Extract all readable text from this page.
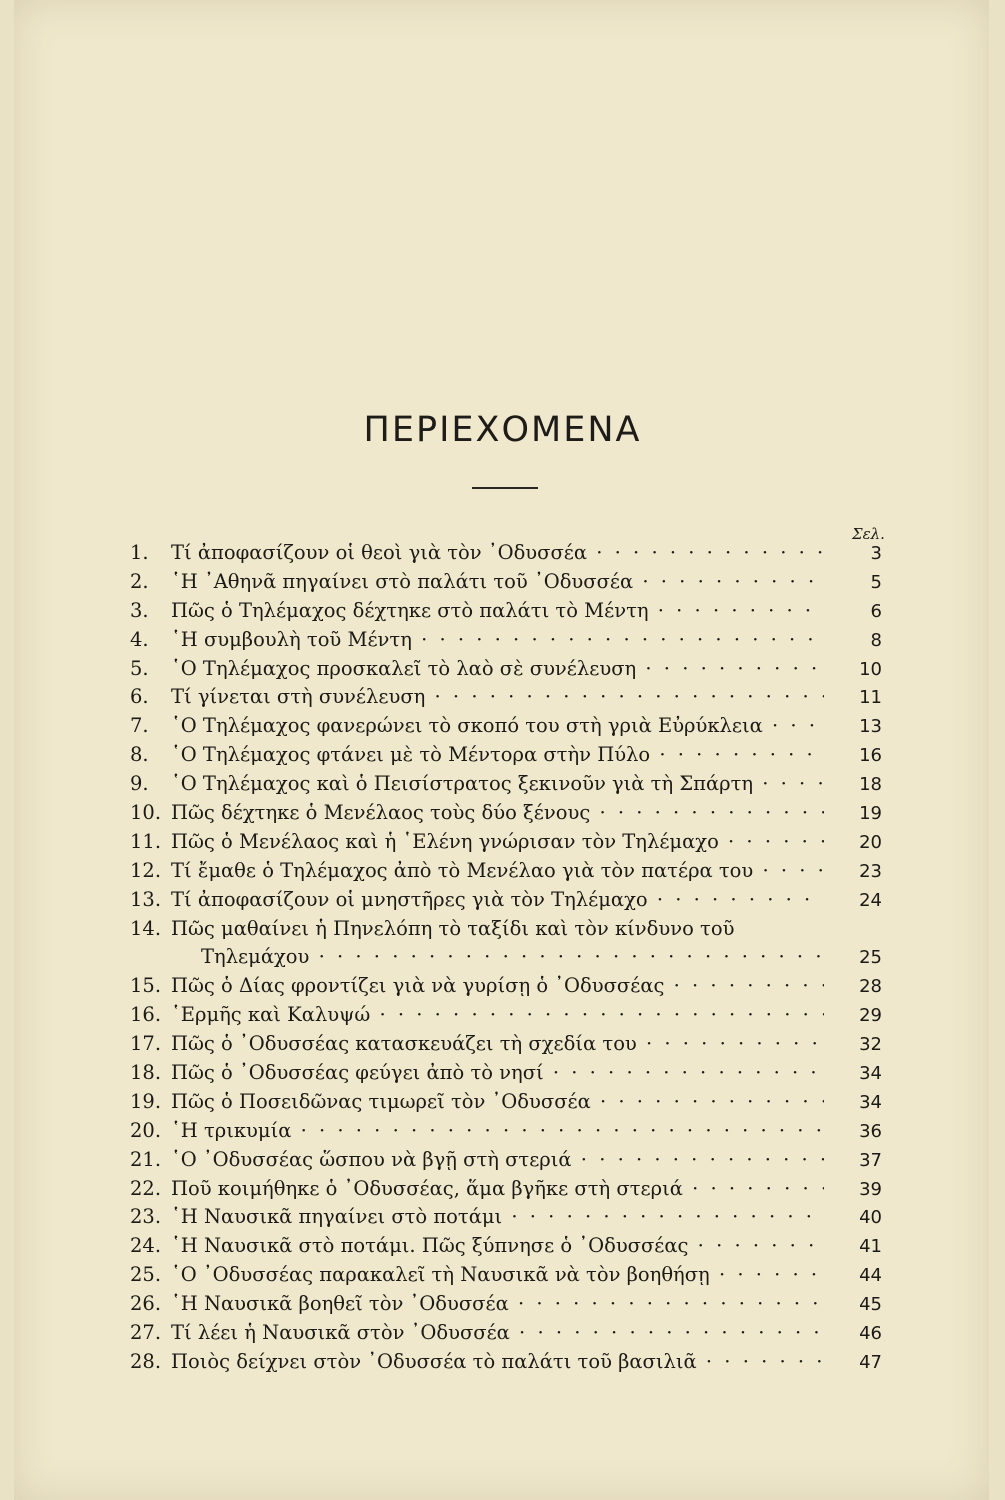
ΠΕΡΙΕΧΟΜΕΝΑ
Σελ.
1.	Τί ἀποφασίζουν οἱ θεοὶ γιὰ τὸν ᾿Οδυσσέα · · ·	3
2.	῾Η ᾿Αθηνᾶ πηγαίνει στὸ παλάτι τοῦ ᾿Οδυσσέα · · ·	5
3.	Πῶς ὁ Τηλέμαχος δέχτηκε στὸ παλάτι τὸ Μέντη · · ·	6
4.	῾Η συμβουλὴ τοῦ Μέντη · · ·	8
5.	῾Ο Τηλέμαχος προσκαλεῖ τὸ λαὸ σὲ συνέλευση · · ·	10
6.	Τί γίνεται στὴ συνέλευση · · ·	11
7.	῾Ο Τηλέμαχος φανερώνει τὸ σκοπό του στὴ γριὰ Εὐρύκλεια · · ·	13
8.	῾Ο Τηλέμαχος φτάνει μὲ τὸ Μέντορα στὴν Πύλο · · ·	16
9.	῾Ο Τηλέμαχος καὶ ὁ Πεισίστρατος ξεκινοῦν γιὰ τὴ Σπάρτη · · ·	18
10. Πῶς δέχτηκε ὁ Μενέλαος τοὺς δύο ξένους · · ·	19
11. Πῶς ὁ Μενέλαος καὶ ἡ ῾Ελένη γνώρισαν τὸν Τηλέμαχο · · ·	20
12. Τί ἔμαθε ὁ Τηλέμαχος ἀπὸ τὸ Μενέλαο γιὰ τὸν πατέρα του · · ·	23
13. Τί ἀποφασίζουν οἱ μνηστῆρες γιὰ τὸν Τηλέμαχο · · ·	24
14. Πῶς μαθαίνει ἡ Πηνελόπη τὸ ταξίδι καὶ τὸν κίνδυνο τοῦ
Τηλεμάχου · · ·	25
15. Πῶς ὁ Δίας φροντίζει γιὰ νὰ γυρίσῃ ὁ ᾿Οδυσσέας · · ·	28
16. ῾Ερμῆς καὶ Καλυψώ · · ·	29
17. Πῶς ὁ ᾿Οδυσσέας κατασκευάζει τὴ σχεδία του · · ·	32
18. Πῶς ὁ ᾿Οδυσσέας φεύγει ἀπὸ τὸ νησί · · ·	34
19. Πῶς ὁ Ποσειδῶνας τιμωρεῖ τὸν ᾿Οδυσσέα · · ·	34
20. ῾Η τρικυμία · · ·	36
21. ῾Ο ᾿Οδυσσέας ὥσπου νὰ βγῇ στὴ στεριά · · ·	37
22. Ποῦ κοιμήθηκε ὁ ᾿Οδυσσέας, ἅμα βγῆκε στὴ στεριά · · ·	39
23. ῾Η Ναυσικᾶ πηγαίνει στὸ ποτάμι · · ·	40
24. ῾Η Ναυσικᾶ στὸ ποτάμι. Πῶς ξύπνησε ὁ ᾿Οδυσσέας · · ·	41
25. ῾Ο ᾿Οδυσσέας παρακαλεῖ τὴ Ναυσικᾶ νὰ τὸν βοηθήσῃ · · ·	44
26. ῾Η Ναυσικᾶ βοηθεῖ τὸν ᾿Οδυσσέα · · ·	45
27. Τί λέει ἡ Ναυσικᾶ στὸν ᾿Οδυσσέα · · ·	46
28. Ποιὸς δείχνει στὸν ᾿Οδυσσέα τὸ παλάτι τοῦ βασιλιᾶ · · ·	47
